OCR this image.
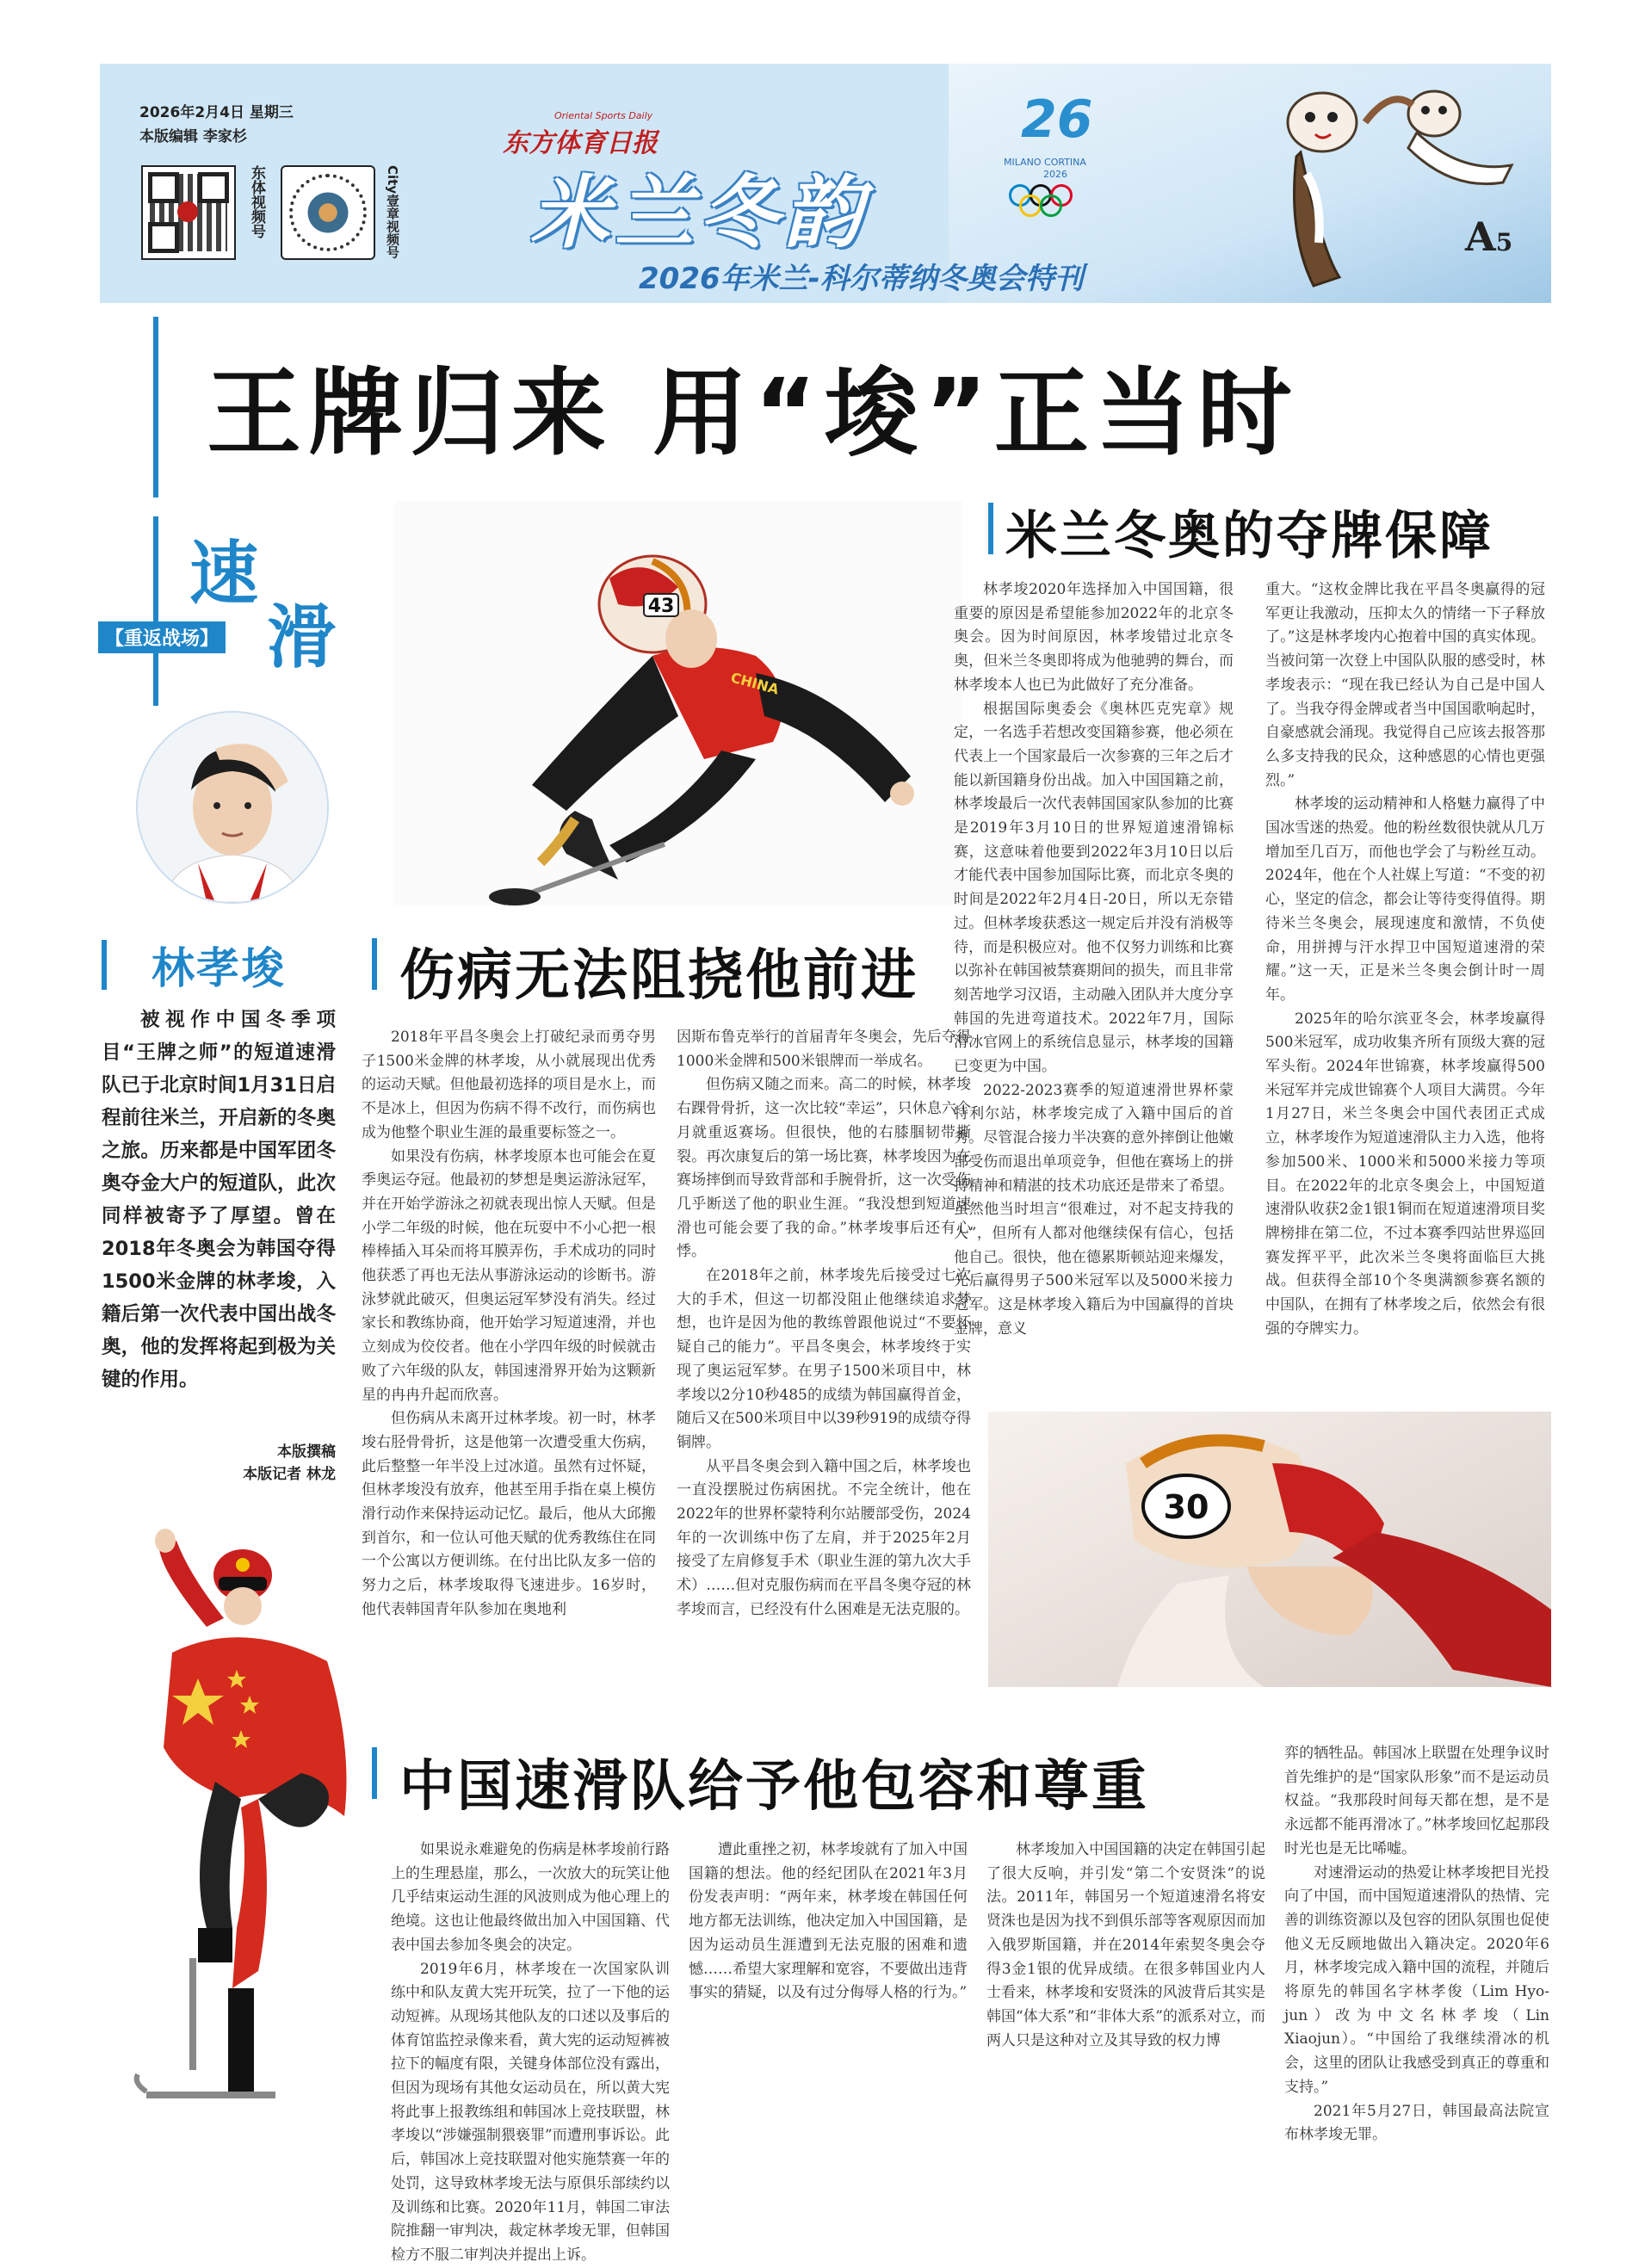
2026年2月4日 星期三
本版编辑 李家杉
东体视频号	City壹章视频号
Oriental Sports Daily
东方体育日报
米兰冬韵
2026年米兰-科尔蒂纳冬奥会特刊
26
MILANO CORTINA
2026
A5
王牌归来 用“埈”正当时
速
滑
【重返战场】
林孝埈
被视作中国冬季项目“王牌之师”的短道速滑队已于北京时间1月31日启程前往米兰，开启新的冬奥之旅。历来都是中国军团冬奥夺金大户的短道队，此次同样被寄予了厚望。曾在2018年冬奥会为韩国夺得1500米金牌的林孝埈，入籍后第一次代表中国出战冬奥，他的发挥将起到极为关键的作用。
本版撰稿
本版记者 林龙
43
CHINA
30
米兰冬奥的夺牌保障

林孝埈2020年选择加入中国国籍，很重要的原因是希望能参加2022年的北京冬奥会。因为时间原因，林孝埈错过北京冬奥，但米兰冬奥即将成为他驰骋的舞台，而林孝埈本人也已为此做好了充分准备。

根据国际奥委会《奥林匹克宪章》规定，一名选手若想改变国籍参赛，他必须在代表上一个国家最后一次参赛的三年之后才能以新国籍身份出战。加入中国国籍之前，林孝埈最后一次代表韩国国家队参加的比赛是2019年3月10日的世界短道速滑锦标赛，这意味着他要到2022年3月10日以后才能代表中国参加国际比赛，而北京冬奥的时间是2022年2月4日-20日，所以无奈错过。但林孝埈获悉这一规定后并没有消极等待，而是积极应对。他不仅努力训练和比赛以弥补在韩国被禁赛期间的损失，而且非常刻苦地学习汉语，主动融入团队并大度分享韩国的先进弯道技术。2022年7月，国际滑冰官网上的系统信息显示，林孝埈的国籍已变更为中国。

2022-2023赛季的短道速滑世界杯蒙特利尔站，林孝埈完成了入籍中国后的首秀。尽管混合接力半决赛的意外摔倒让他嫩部受伤而退出单项竞争，但他在赛场上的拼搏精神和精湛的技术功底还是带来了希望。虽然他当时坦言“很难过，对不起支持我的人”，但所有人都对他继续保有信心，包括他自己。很快，他在德累斯顿站迎来爆发，先后赢得男子500米冠军以及5000米接力冠军。这是林孝埈入籍后为中国赢得的首块金牌，意义

重大。“这枚金牌比我在平昌冬奥赢得的冠军更让我激动，压抑太久的情绪一下子释放了。”这是林孝埈内心抱着中国的真实体现。当被问第一次登上中国队队服的感受时，林孝埈表示：“现在我已经认为自己是中国人了。当我夺得金牌或者当中国国歌响起时，自豪感就会涌现。我觉得自己应该去报答那么多支持我的民众，这种感恩的心情也更强烈。”

林孝埈的运动精神和人格魅力赢得了中国冰雪迷的热爱。他的粉丝数很快就从几万增加至几百万，而他也学会了与粉丝互动。2024年，他在个人社媒上写道：“不变的初心，坚定的信念，都会让等待变得值得。期待米兰冬奥会，展现速度和激情，不负使命，用拼搏与汗水捍卫中国短道速滑的荣耀。”这一天，正是米兰冬奥会倒计时一周年。

2025年的哈尔滨亚冬会，林孝埈赢得500米冠军，成功收集齐所有顶级大赛的冠军头衔。2024年世锦赛，林孝埈赢得500米冠军并完成世锦赛个人项目大满贯。今年1月27日，米兰冬奥会中国代表团正式成立，林孝埈作为短道速滑队主力入选，他将参加500米、1000米和5000米接力等项目。在2022年的北京冬奥会上，中国短道速滑队收获2金1银1铜而在短道速滑项目奖牌榜排在第二位，不过本赛季四站世界巡回赛发挥平平，此次米兰冬奥将面临巨大挑战。但获得全部10个冬奥满额参赛名额的中国队，在拥有了林孝埈之后，依然会有很强的夺牌实力。

伤病无法阻挠他前进

2018年平昌冬奥会上打破纪录而勇夺男子1500米金牌的林孝埈，从小就展现出优秀的运动天赋。但他最初选择的项目是水上，而不是冰上，但因为伤病不得不改行，而伤病也成为他整个职业生涯的最重要标签之一。

如果没有伤病，林孝埈原本也可能会在夏季奥运夺冠。他最初的梦想是奥运游泳冠军，并在开始学游泳之初就表现出惊人天赋。但是小学二年级的时候，他在玩耍中不小心把一根棒棒插入耳朵而将耳膜弄伤，手术成功的同时他获悉了再也无法从事游泳运动的诊断书。游泳梦就此破灭，但奥运冠军梦没有消失。经过家长和教练协商，他开始学习短道速滑，并也立刻成为佼佼者。他在小学四年级的时候就击败了六年级的队友，韩国速滑界开始为这颗新星的冉冉升起而欣喜。

但伤病从未离开过林孝埈。初一时，林孝埈右胫骨骨折，这是他第一次遭受重大伤病，此后整整一年半没上过冰道。虽然有过怀疑，但林孝埈没有放弃，他甚至用手指在桌上模仿滑行动作来保持运动记忆。最后，他从大邱搬到首尔，和一位认可他天赋的优秀教练住在同一个公寓以方便训练。在付出比队友多一倍的努力之后，林孝埈取得飞速进步。16岁时，他代表韩国青年队参加在奥地利

因斯布鲁克举行的首届青年冬奥会，先后夺得1000米金牌和500米银牌而一举成名。

但伤病又随之而来。高二的时候，林孝埈右踝骨骨折，这一次比较“幸运”，只休息六个月就重返赛场。但很快，他的右膝腘韧带撕裂。再次康复后的第一场比赛，林孝埈因为在赛场摔倒而导致背部和手腕骨折，这一次受伤几乎断送了他的职业生涯。“我没想到短道速滑也可能会要了我的命。”林孝埈事后还有心悸。

在2018年之前，林孝埈先后接受过七次大的手术，但这一切都没阻止他继续追求梦想，也许是因为他的教练曾跟他说过“不要怀疑自己的能力”。平昌冬奥会，林孝埈终于实现了奥运冠军梦。在男子1500米项目中，林孝埈以2分10秒485的成绩为韩国赢得首金，随后又在500米项目中以39秒919的成绩夺得铜牌。

从平昌冬奥会到入籍中国之后，林孝埈也一直没摆脱过伤病困扰。不完全统计，他在2022年的世界杯蒙特利尔站腰部受伤，2024年的一次训练中伤了左肩，并于2025年2月接受了左肩修复手术（职业生涯的第九次大手术）……但对克服伤病而在平昌冬奥夺冠的林孝埈而言，已经没有什么困难是无法克服的。

中国速滑队给予他包容和尊重

如果说永难避免的伤病是林孝埈前行路上的生理悬崖，那么，一次放大的玩笑让他几乎结束运动生涯的风波则成为他心理上的绝境。这也让他最终做出加入中国国籍、代表中国去参加冬奥会的决定。

2019年6月，林孝埈在一次国家队训练中和队友黄大宪开玩笑，拉了一下他的运动短裤。从现场其他队友的口述以及事后的体育馆监控录像来看，黄大宪的运动短裤被拉下的幅度有限，关键身体部位没有露出，但因为现场有其他女运动员在，所以黄大宪将此事上报教练组和韩国冰上竞技联盟，林孝埈以“涉嫌强制猥亵罪”而遭刑事诉讼。此后，韩国冰上竞技联盟对他实施禁赛一年的处罚，这导致林孝埈无法与原俱乐部续约以及训练和比赛。2020年11月，韩国二审法院推翻一审判决，裁定林孝埈无罪，但韩国检方不服二审判决并提出上诉。

遭此重挫之初，林孝埈就有了加入中国国籍的想法。他的经纪团队在2021年3月份发表声明：“两年来，林孝埈在韩国任何地方都无法训练，他决定加入中国国籍，是因为运动员生涯遭到无法克服的困难和遗憾……希望大家理解和宽容，不要做出违背事实的猜疑，以及有过分侮辱人格的行为。”

林孝埈加入中国国籍的决定在韩国引起了很大反响，并引发“第二个安贤洙”的说法。2011年，韩国另一个短道速滑名将安贤洙也是因为找不到俱乐部等客观原因而加入俄罗斯国籍，并在2014年索契冬奥会夺得3金1银的优异成绩。在很多韩国业内人士看来，林孝埈和安贤洙的风波背后其实是韩国“体大系”和“非体大系”的派系对立，而两人只是这种对立及其导致的权力博

弈的牺牲品。韩国冰上联盟在处理争议时首先维护的是“国家队形象”而不是运动员权益。“我那段时间每天都在想，是不是永远都不能再滑冰了。”林孝埈回忆起那段时光也是无比唏嘘。

对速滑运动的热爱让林孝埈把目光投向了中国，而中国短道速滑队的热情、完善的训练资源以及包容的团队氛围也促使他义无反顾地做出入籍决定。2020年6月，林孝埈完成入籍中国的流程，并随后将原先的韩国名字林孝俊（Lim Hyo-jun）改为中文名林孝埈（Lin Xiaojun）。“中国给了我继续滑冰的机会，这里的团队让我感受到真正的尊重和支持。”

2021年5月27日，韩国最高法院宣布林孝埈无罪。
